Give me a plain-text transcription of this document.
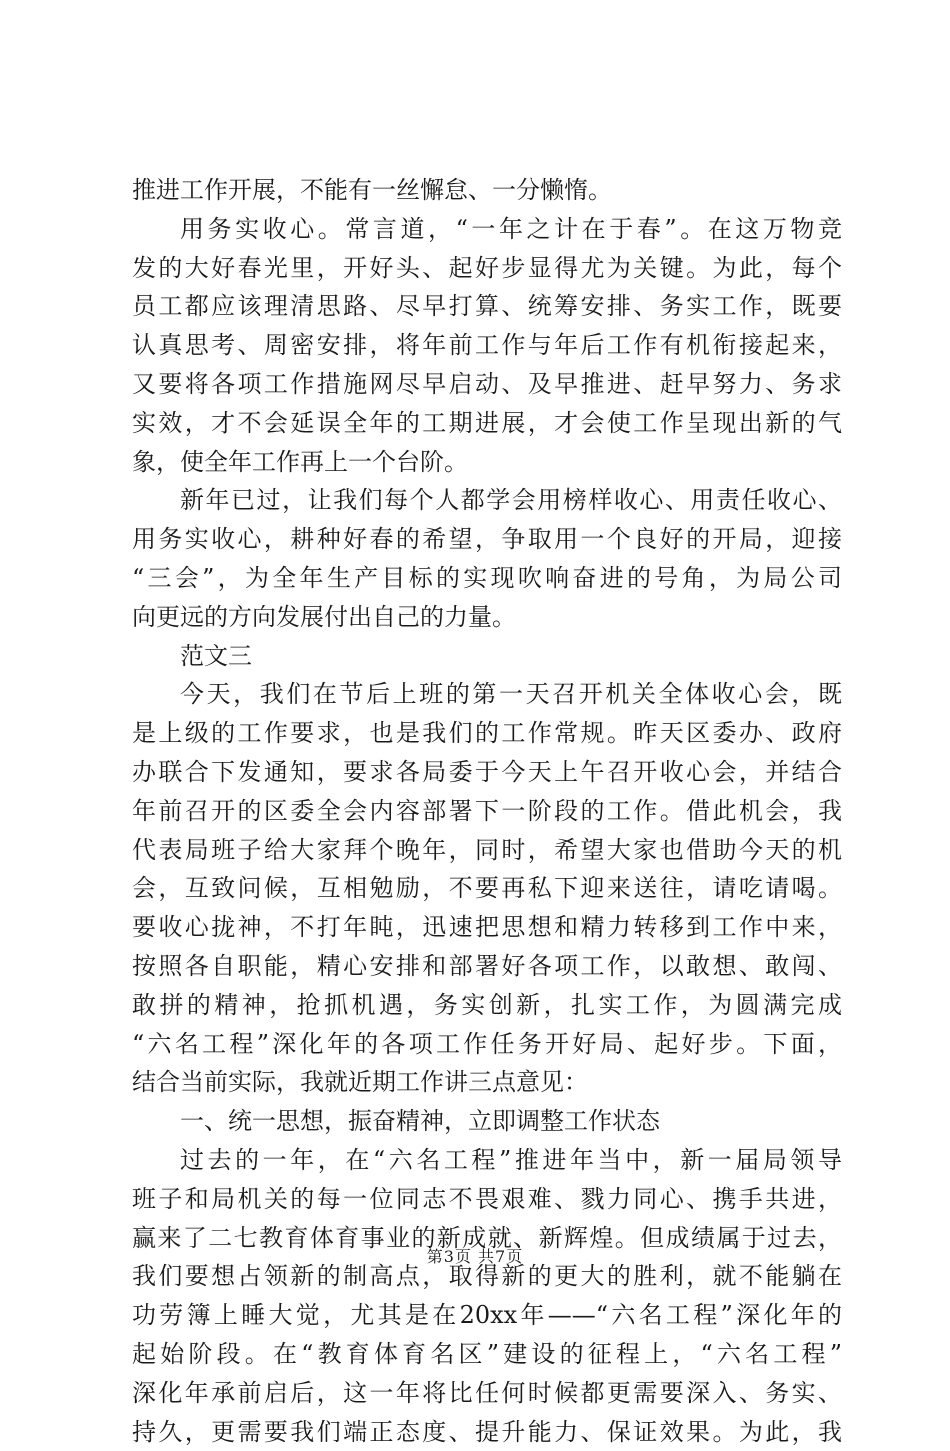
推进工作开展，不能有一丝懈怠、一分懒惰。
用务实收心。常言道，“一年之计在于春”。在这万物竞
发的大好春光里，开好头、起好步显得尤为关键。为此，每个
员工都应该理清思路、尽早打算、统筹安排、务实工作，既要
认真思考、周密安排，将年前工作与年后工作有机衔接起来，
又要将各项工作措施网尽早启动、及早推进、赶早努力、务求
实效，才不会延误全年的工期进展，才会使工作呈现出新的气
象，使全年工作再上一个台阶。
新年已过，让我们每个人都学会用榜样收心、用责任收心、
用务实收心，耕种好春的希望，争取用一个良好的开局，迎接
“三会”，为全年生产目标的实现吹响奋进的号角，为局公司
向更远的方向发展付出自己的力量。
范文三
今天，我们在节后上班的第一天召开机关全体收心会，既
是上级的工作要求，也是我们的工作常规。昨天区委办、政府
办联合下发通知，要求各局委于今天上午召开收心会，并结合
年前召开的区委全会内容部署下一阶段的工作。借此机会，我
代表局班子给大家拜个晚年，同时，希望大家也借助今天的机
会，互致问候，互相勉励，不要再私下迎来送往，请吃请喝。
要收心拢神，不打年盹，迅速把思想和精力转移到工作中来，
按照各自职能，精心安排和部署好各项工作，以敢想、敢闯、
敢拼的精神，抢抓机遇，务实创新，扎实工作，为圆满完成
“六名工程”深化年的各项工作任务开好局、起好步。下面，
结合当前实际，我就近期工作讲三点意见：
一、统一思想，振奋精神，立即调整工作状态
过去的一年，在“六名工程”推进年当中，新一届局领导
班子和局机关的每一位同志不畏艰难、戮力同心、携手共进，
赢来了二七教育体育事业的新成就、新辉煌。但成绩属于过去，
我们要想占领新的制高点，取得新的更大的胜利，就不能躺在
功劳簿上睡大觉，尤其是在20xx年——“六名工程”深化年的
起始阶段。在“教育体育名区”建设的征程上，“六名工程”
深化年承前启后，这一年将比任何时候都更需要深入、务实、
持久，更需要我们端正态度、提升能力、保证效果。为此，我
第3页 共7页
